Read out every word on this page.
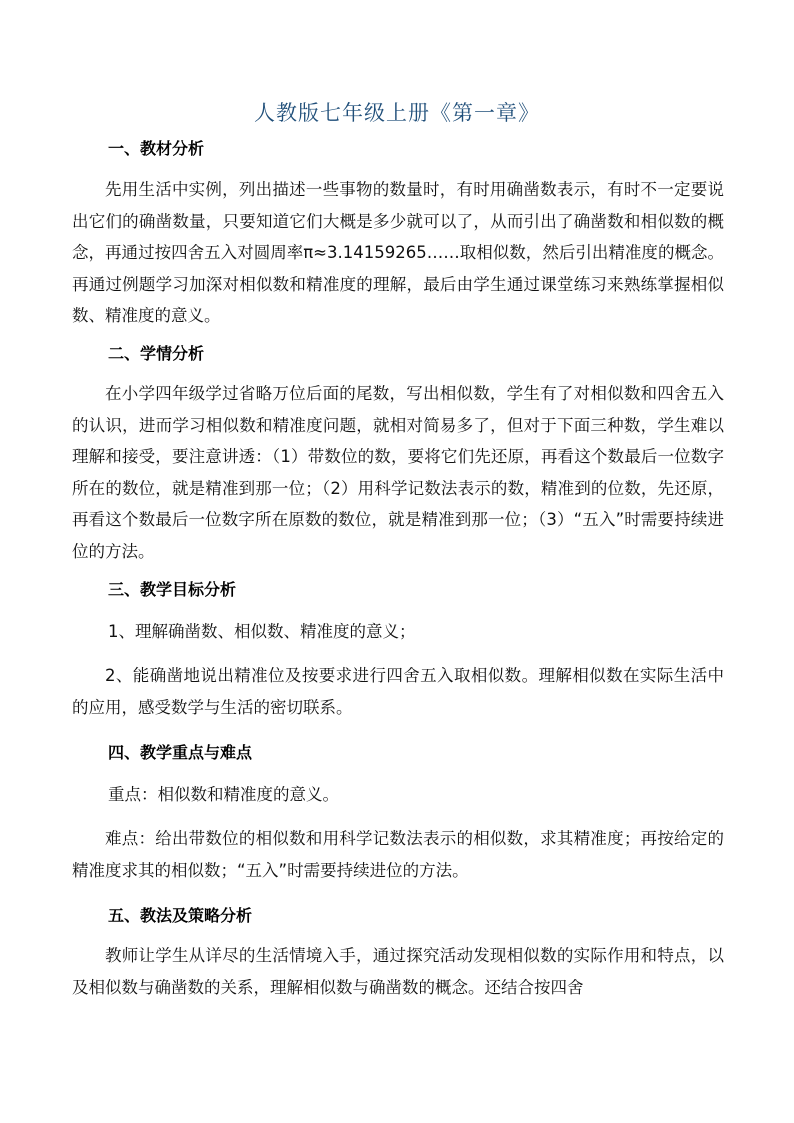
人教版七年级上册《第一章》
一、教材分析

先用生活中实例，列出描述一些事物的数量时，有时用确凿数表示，有时不一定要说出它们的确凿数量，只要知道它们大概是多少就可以了，从而引出了确凿数和相似数的概念，再通过按四舍五入对圆周率π≈3.14159265……取相似数，然后引出精准度的概念。再通过例题学习加深对相似数和精准度的理解，最后由学生通过课堂练习来熟练掌握相似数、精准度的意义。

二、学情分析

在小学四年级学过省略万位后面的尾数，写出相似数，学生有了对相似数和四舍五入的认识，进而学习相似数和精准度问题，就相对简易多了，但对于下面三种数，学生难以理解和接受，要注意讲透：（1）带数位的数，要将它们先还原，再看这个数最后一位数字所在的数位，就是精准到那一位；（2）用科学记数法表示的数，精准到的位数，先还原，再看这个数最后一位数字所在原数的数位，就是精准到那一位；（3）“五入”时需要持续进位的方法。

三、教学目标分析
1、理解确凿数、相似数、精准度的意义；

2、能确凿地说出精准位及按要求进行四舍五入取相似数。理解相似数在实际生活中的应用，感受数学与生活的密切联系。

四、教学重点与难点
重点：相似数和精准度的意义。

难点：给出带数位的相似数和用科学记数法表示的相似数，求其精准度；再按给定的精准度求其的相似数；“五入”时需要持续进位的方法。

五、教法及策略分析

教师让学生从详尽的生活情境入手，通过探究活动发现相似数的实际作用和特点，以及相似数与确凿数的关系，理解相似数与确凿数的概念。还结合按四舍
